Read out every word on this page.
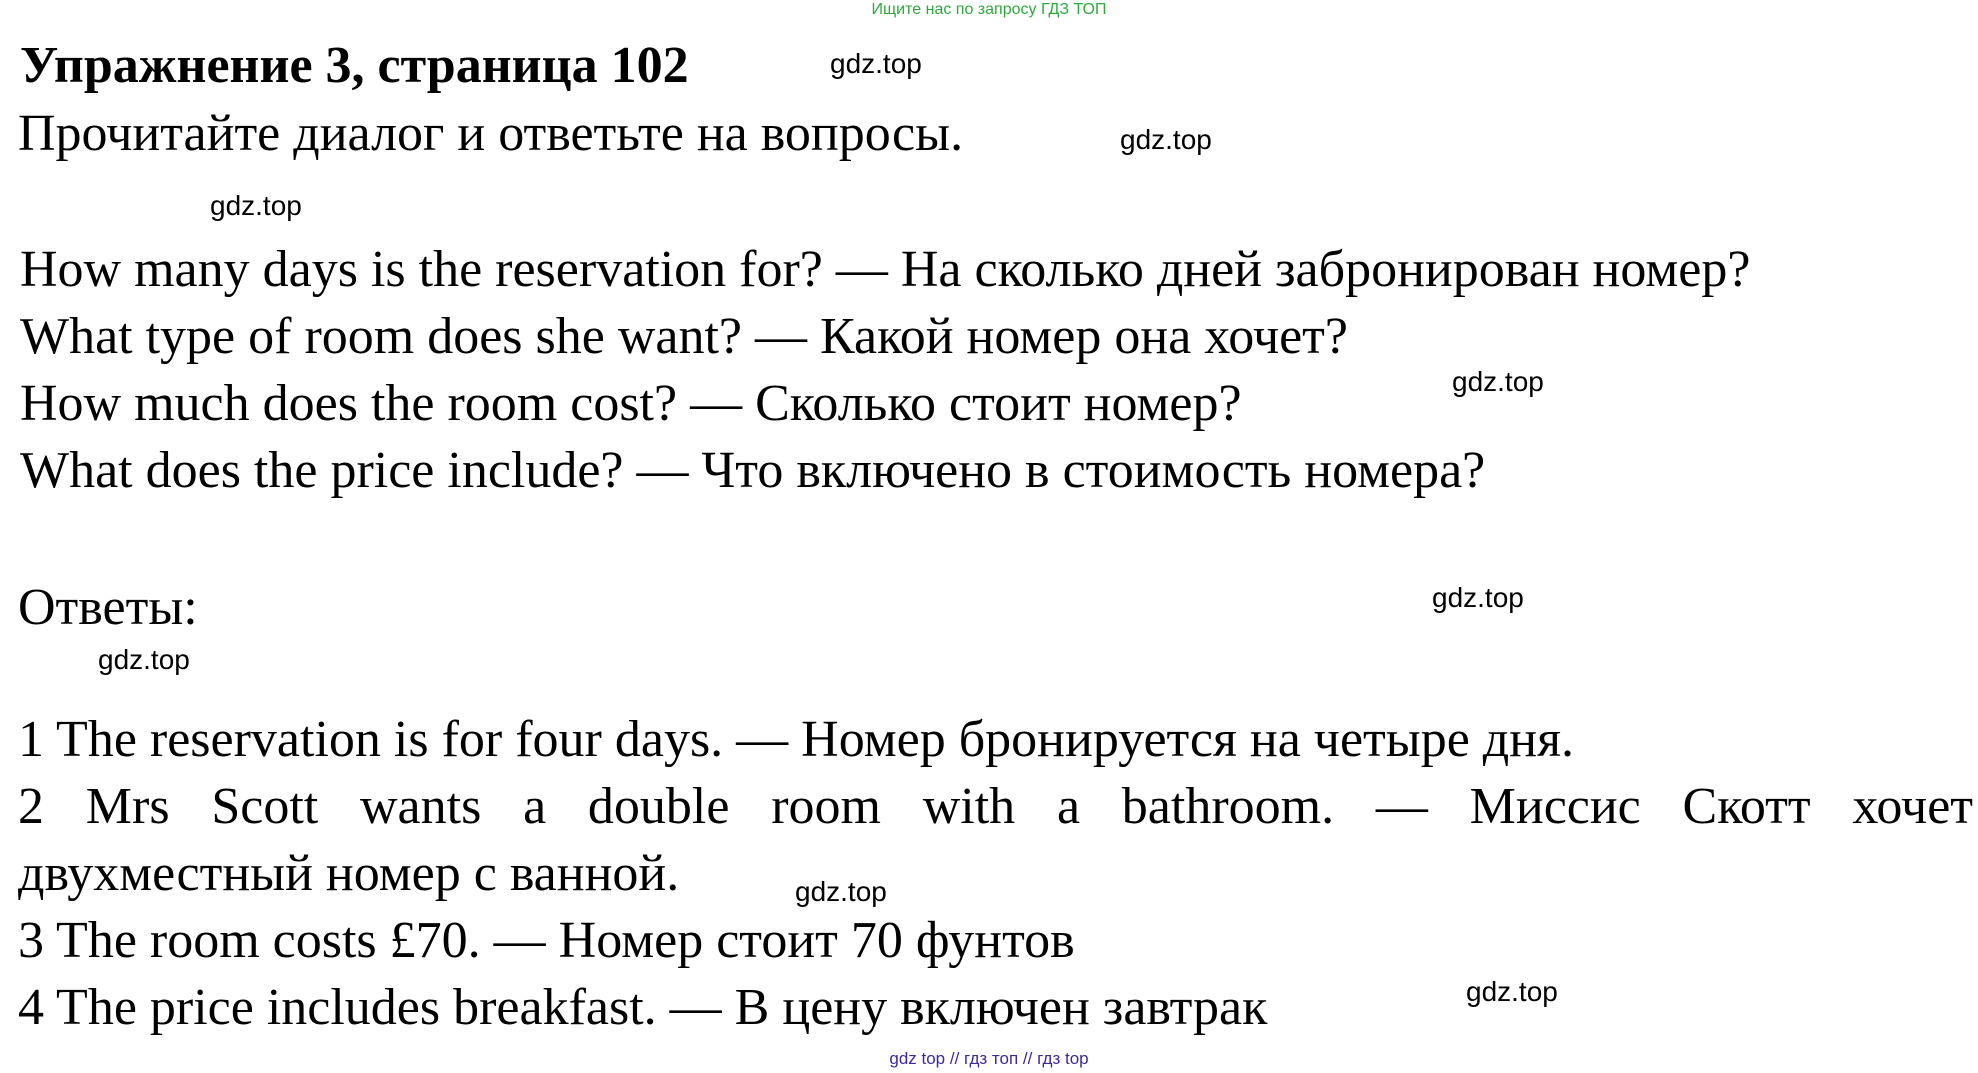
Ищите нас по запросу ГДЗ ТОП
Упражнение 3, страница 102	gdz.top
Прочитайте диалог и ответьте на вопросы.	gdz.top
gdz.top
How many days is the reservation for? — На сколько дней забронирован номер?
What type of room does she want? — Какой номер она хочет?
How much does the room cost? — Сколько стоит номер?	gdz.top
What does the price include? — Что включено в стоимость номера?
Ответы:	gdz.top
gdz.top
1 The reservation is for four days. — Номер бронируется на четыре дня.
2 Mrs Scott wants a double room with a bathroom. — Миссис Скотт хочет
двухместный номер с ванной.	gdz.top
3 The room costs £70. — Номер стоит 70 фунтов
4 The price includes breakfast. — В цену включен завтрак	gdz.top
gdz top // гдз топ // гдз top
